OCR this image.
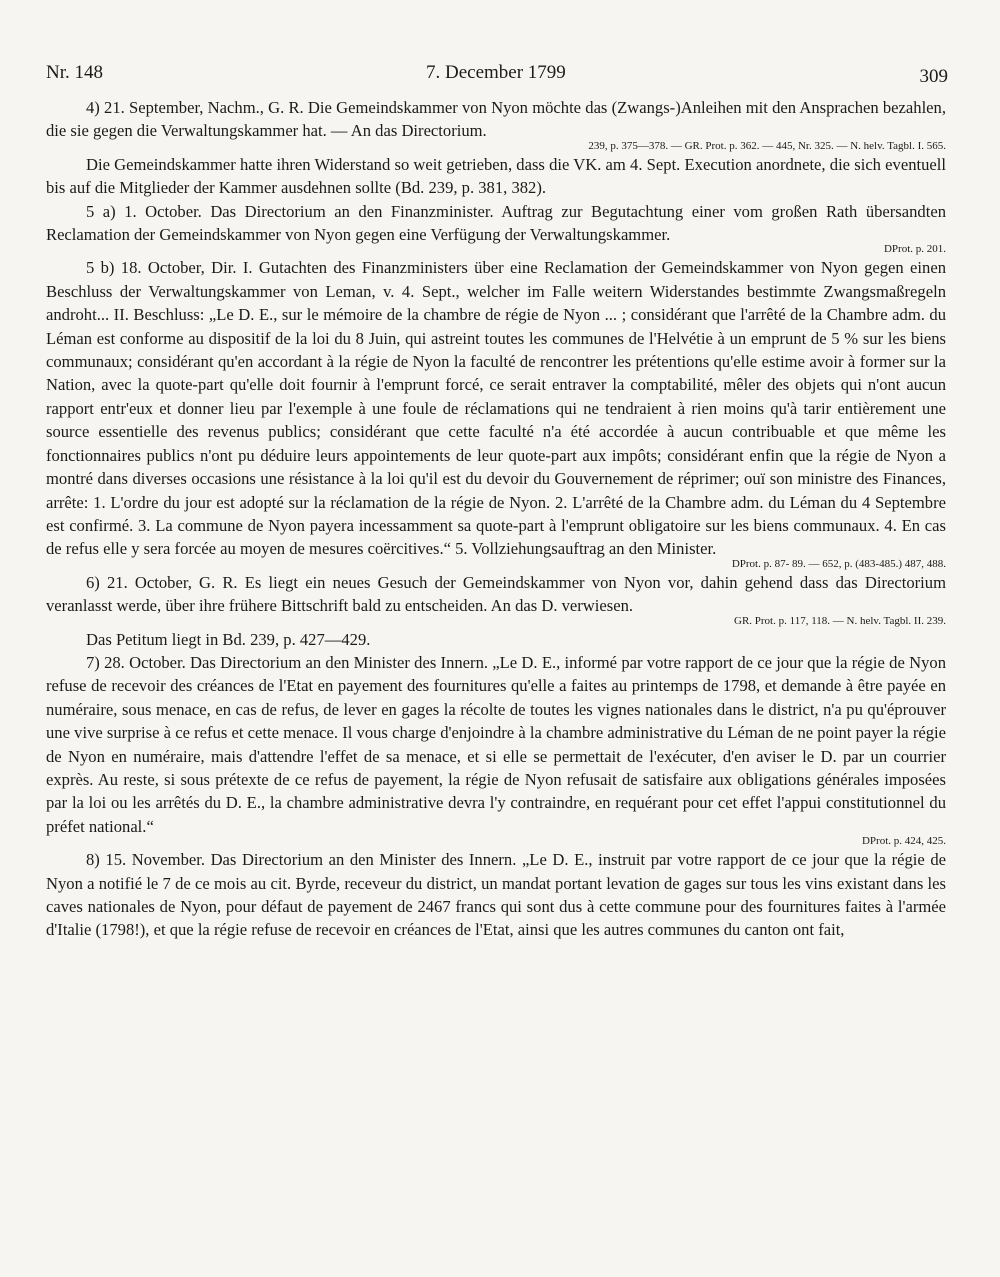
Nr. 148	7. December 1799	309

4) 21. September, Nachm., G. R. Die Gemeindskammer von Nyon möchte das (Zwangs-)Anleihen mit den Ansprachen bezahlen, die sie gegen die Verwaltungskammer hat. — An das Directorium.

239, p. 375—378. — GR. Prot. p. 362. — 445, Nr. 325. — N. helv. Tagbl. I. 565.

Die Gemeindskammer hatte ihren Widerstand so weit getrieben, dass die VK. am 4. Sept. Execution anordnete, die sich eventuell bis auf die Mitglieder der Kammer ausdehnen sollte (Bd. 239, p. 381, 382).

5 a) 1. October. Das Directorium an den Finanzminister. Auftrag zur Begutachtung einer vom großen Rath übersandten Reclamation der Gemeindskammer von Nyon gegen eine Verfügung der Verwaltungskammer.

DProt. p. 201.

5 b) 18. October, Dir. I. Gutachten des Finanzministers über eine Reclamation der Gemeindskammer von Nyon gegen einen Beschluss der Verwaltungskammer von Leman, v. 4. Sept., welcher im Falle weitern Widerstandes bestimmte Zwangsmaßregeln androht... II. Beschluss: „Le D. E., sur le mémoire de la chambre de régie de Nyon ... ; considérant que l'arrêté de la Chambre adm. du Léman est conforme au dispositif de la loi du 8 Juin, qui astreint toutes les communes de l'Helvétie à un emprunt de 5 % sur les biens communaux; considérant qu'en accordant à la régie de Nyon la faculté de rencontrer les prétentions qu'elle estime avoir à former sur la Nation, avec la quote-part qu'elle doit fournir à l'emprunt forcé, ce serait entraver la comptabilité, mêler des objets qui n'ont aucun rapport entr'eux et donner lieu par l'exemple à une foule de réclamations qui ne tendraient à rien moins qu'à tarir entièrement une source essentielle des revenus publics; considérant que cette faculté n'a été accordée à aucun contribuable et que même les fonctionnaires publics n'ont pu déduire leurs appointements de leur quote-part aux impôts; considérant enfin que la régie de Nyon a montré dans diverses occasions une résistance à la loi qu'il est du devoir du Gouvernement de réprimer; ouï son ministre des Finances, arrête: 1. L'ordre du jour est adopté sur la réclamation de la régie de Nyon. 2. L'arrêté de la Chambre adm. du Léman du 4 Septembre est confirmé. 3. La commune de Nyon payera incessamment sa quote-part à l'emprunt obligatoire sur les biens communaux. 4. En cas de refus elle y sera forcée au moyen de mesures coërcitives.“ 5. Vollziehungsauftrag an den Minister.

DProt. p. 87- 89. — 652, p. (483-485.) 487, 488.

6) 21. October, G. R. Es liegt ein neues Gesuch der Gemeindskammer von Nyon vor, dahin gehend dass das Directorium veranlasst werde, über ihre frühere Bittschrift bald zu entscheiden. An das D. verwiesen.

GR. Prot. p. 117, 118. — N. helv. Tagbl. II. 239.

Das Petitum liegt in Bd. 239, p. 427—429.

7) 28. October. Das Directorium an den Minister des Innern. „Le D. E., informé par votre rapport de ce jour que la régie de Nyon refuse de recevoir des créances de l'Etat en payement des fournitures qu'elle a faites au printemps de 1798, et demande à être payée en numéraire, sous menace, en cas de refus, de lever en gages la récolte de toutes les vignes nationales dans le district, n'a pu qu'éprouver une vive surprise à ce refus et cette menace. Il vous charge d'enjoindre à la chambre administrative du Léman de ne point payer la régie de Nyon en numéraire, mais d'attendre l'effet de sa menace, et si elle se permettait de l'exécuter, d'en aviser le D. par un courrier exprès. Au reste, si sous prétexte de ce refus de payement, la régie de Nyon refusait de satisfaire aux obligations générales imposées par la loi ou les arrêtés du D. E., la chambre administrative devra l'y contraindre, en requérant pour cet effet l'appui constitutionnel du préfet national.“

DProt. p. 424, 425.

8) 15. November. Das Directorium an den Minister des Innern. „Le D. E., instruit par votre rapport de ce jour que la régie de Nyon a notifié le 7 de ce mois au cit. Byrde, receveur du district, un mandat portant levation de gages sur tous les vins existant dans les caves nationales de Nyon, pour défaut de payement de 2467 francs qui sont dus à cette commune pour des fournitures faites à l'armée d'Italie (1798!), et que la régie refuse de recevoir en créances de l'Etat, ainsi que les autres communes du canton ont fait,
